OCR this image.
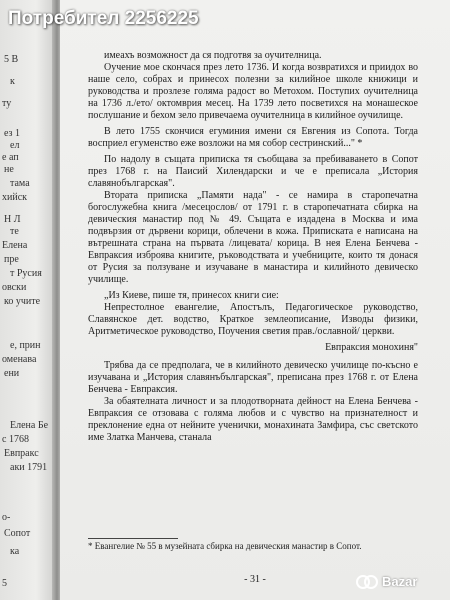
5 В
к
ту
ез 1
ел
е ап
не
тама
хийск
Н Л
те
Елена
пре
т Русия
овски
ко учите
е, прин
оменава
ени
Елена Бе
с 1768
Евпракс
аки 1791
о-
Сопот
ка
5

имеахъ возможност да ся подготвя за оучителница.

Оучение мое скончася през лето 1736. И когда возвратихся и приидох во наше село, собрах и принесох полезни за килийное школе книжици и руководства и прозлезе голяма радост во Метохом. Поступих оучителница на 1736 л./ето/ октомврия месец. На 1739 лето посветихся на монашеское послушание и бехом зело привечаема оучителница в килийное оучилище.

В лето 1755 скончися егуминия имени ся Евгения из Сопота. Тогда восприел егуменство еже возложи на мя собор сестринский..." *

По надолу в същата приписка тя съобщава за пребиваването в Сопот през 1768 г. на Паисий Хилендарски и че е преписала „История славянобългарская".

Втората приписка „Памяти нада" - се намира в старопечатна богослужебна книга /месецослов/ от 1791 г. в старопечатната сбирка на девическия манастир под № 49. Същата е издадена в Москва и има подвързия от дървени корици, облечени в кожа. Приписката е написана на вътрешната страна на първата /лицевата/ корица. В нея Елена Бенчева - Евпраксия изброява книгите, ръководствата и учебниците, които тя донася от Русия за ползуване и изучаване в манастира и килийното девическо училище.

„Из Киеве, пише тя, принесох книги сие:

Непрестолное евангелие, Апостълъ, Педагогическое руководство, Славянское дет. водство, Краткое землеописание, Изводы физики, Аритметическое руководство, Поучения светия прав./ославной/ церкви.

Евпраксия монохиня"

Трябва да се предполага, че в килийното девическо училище по-късно е изучавана и „История славянъбългарская", преписана през 1768 г. от Елена Бенчева - Евпраксия.

За обаятелната личност и за плодотворната дейност на Елена Бенчева - Евпраксия се отзовава с голяма любов и с чувство на признателност и преклонение една от нейните ученички, монахината Замфира, със светското име Златка Манчева, станала

* Евангелие № 55 в музейната сбирка на девическия манастир в Сопот.
- 31 -
Потребител 2256225
Bazar
